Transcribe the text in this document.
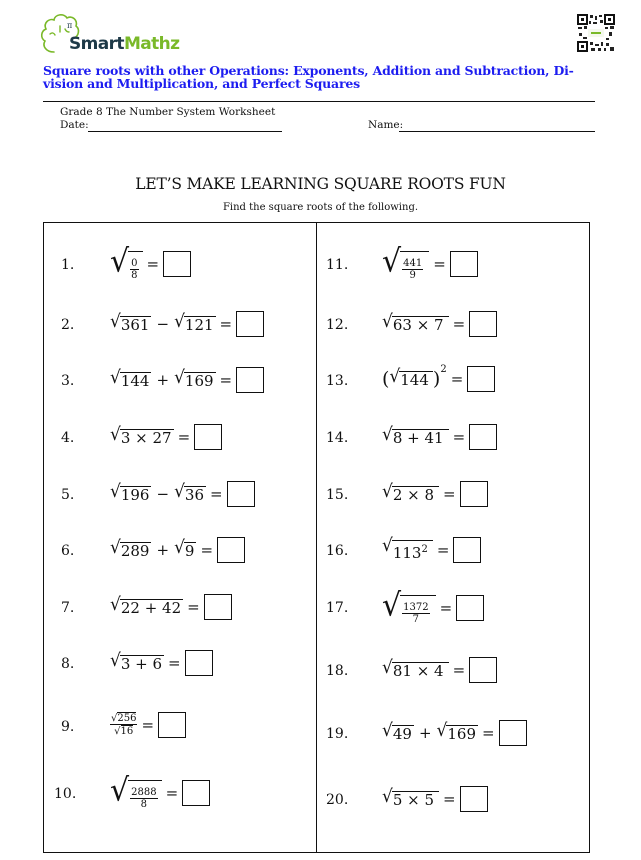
π
SmartMathz
Square roots with other Operations: Exponents, Addition and Subtraction, Di- vision and Multiplication, and Perfect Squares
Grade 8 The Number System Worksheet
Date:	Name:
LET’S MAKE LEARNING SQUARE ROOTS FUN
Find the square roots of the following.
1. √ $\frac{0}{8}$ =
2. √ 361 − √ 121 =
3. √ 144 + √ 169 =
4. √ 3 × 27 =
5. √ 196 − √ 36 =
6. √ 289 + √ 9 =
7. √ 22 + 42 =
8. √ 3 + 6 =
9.	$\frac{√256}{√16}$ =
10. √ $\frac{2888}{8}$ =
11. √ $\frac{441}{9}$ =
12. √ 63 × 7 =
13. ( √ 144 )$^2$
=
14. √ 8 + 41 =
15. √ 2 × 8 =
16. √ $113^2$ =
17. √ $\frac{1372}{7}$ =
18. √ 81 × 4 =
19. √ 49 + √ 169 =
20. √ 5 × 5 =
